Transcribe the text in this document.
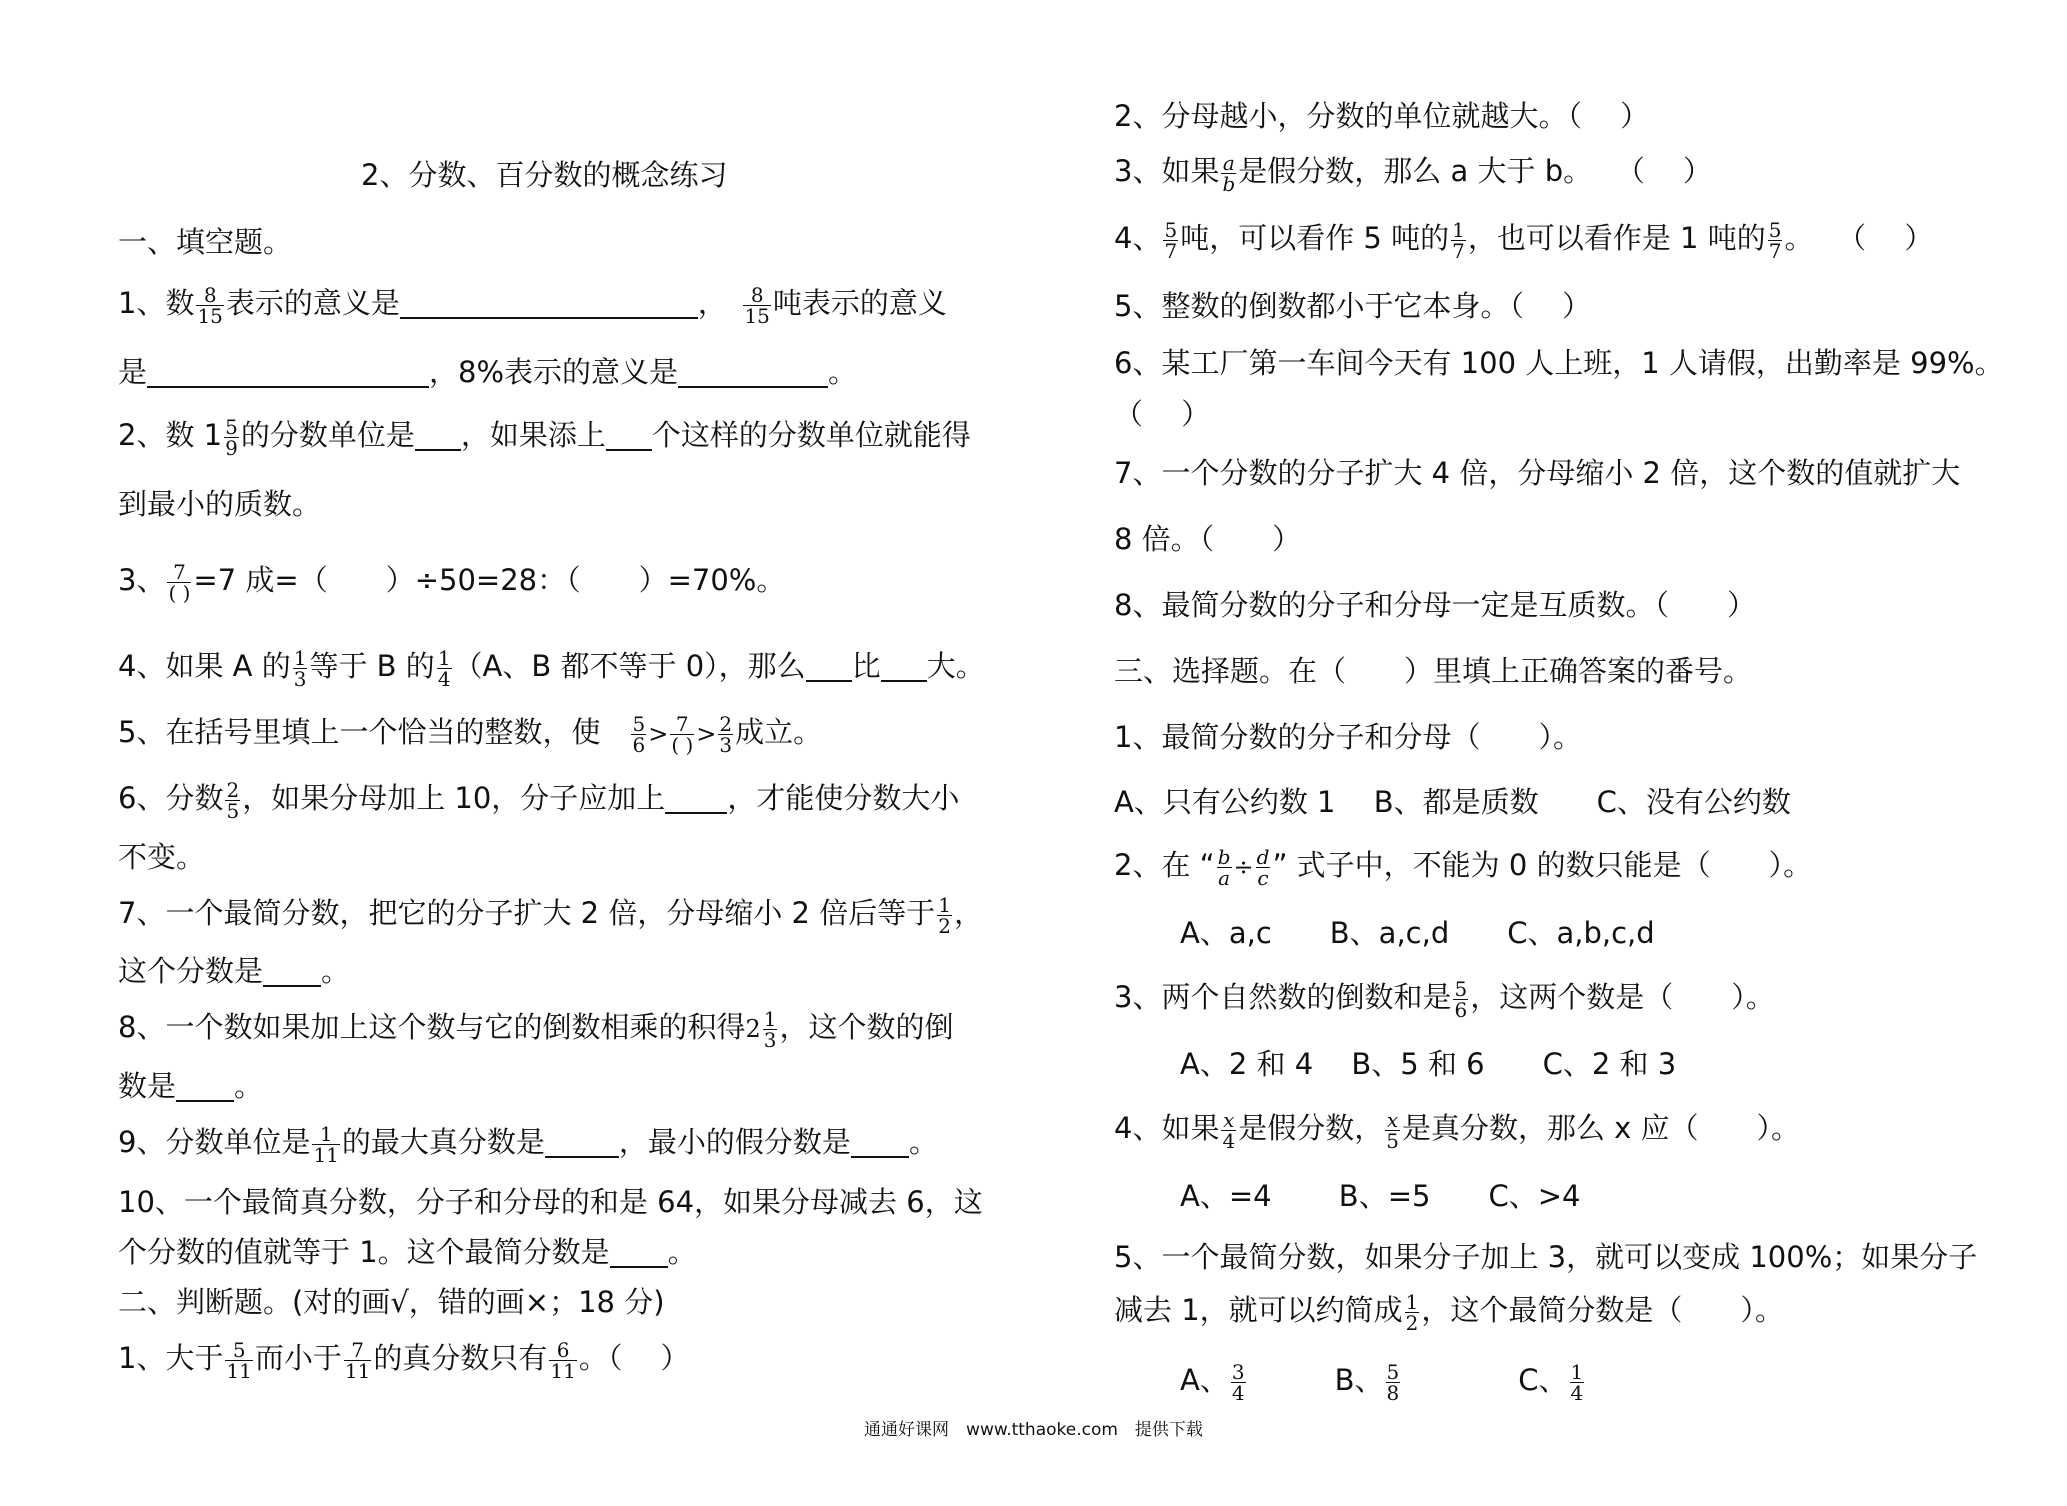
2、分数、百分数的概念练习
一、填空题。
1、数 $\frac{8}{15}$ 表示的意义是	，　 $\frac{8}{15}$ 吨表示的意义
是	，8%表示的意义是	。
2、数 $1 \frac{5}{9}$ 的分数单位是 ，如果添上 个这样的分数单位就能得
到最小的质数。
3、 $\frac{7}{( )} =7$ 成=（　　）÷50=28：（　　）=70%。
4、如果 A 的 $\frac{1}{3}$ 等于 B 的 $\frac{1}{4} (A$、B 都不等于 0），那么 比 大。
5、在括号里填上一个恰当的整数，使　 $\frac{5}{6} > \frac{7}{( )} > \frac{2}{3}$ 成立。
6、分数 $\frac{2}{5}$ ，如果分母加上 10，分子应加上 ，才能使分数大小
不变。
7、一个最简分数，把它的分子扩大 2 倍，分母缩小 2 倍后等于 $\frac{1}{2}$ ，
这个分数是 。
8、一个数如果加上这个数与它的倒数相乘的积得$2 \frac{1}{3}$ ，这个数的倒
数是 。
9、分数单位是 $\frac{1}{11}$ 的最大真分数是	，最小的假分数是 。
10、一个最简真分数，分子和分母的和是 64，如果分母减去 6，这
个分数的值就等于 1。这个最简分数是 。
二、判断题。(对的画√，错的画×；18 分)
1、大于 $\frac{5}{11}$ 而小于 $\frac{7}{11}$ 的真分数只有 $\frac{6}{11}$ 。（　 ）
2、分母越小，分数的单位就越大。（　 ）
3、如果 $\frac{a}{b}$ 是假分数，那么 a 大于 b。　 （　 ）
4、 $\frac{5}{7}$ 吨，可以看作 5 吨的 $\frac{1}{7}$ ，也可以看作是 1 吨的 $\frac{5}{7}$ 。　 （　 ）
5、整数的倒数都小于它本身。（　 ）
6、某工厂第一车间今天有 100 人上班，1 人请假，出勤率是 99%。
（　 ）
7、一个分数的分子扩大 4 倍，分母缩小 2 倍，这个数的值就扩大
8 倍。（　　）
8、最简分数的分子和分母一定是互质数。（　　）
三、选择题。在（　　）里填上正确答案的番号。
1、最简分数的分子和分母（　　）。
A、只有公约数 1　 B、都是质数　　C、没有公约数
2、在 “ $\frac{b}{a} \div \frac{d}{c}$ ” 式子中，不能为 0 的数只能是（　　）。
A、a,c　　B、a,c,d　　C、a,b,c,d
3、两个自然数的倒数和是 $\frac{5}{6}$ ，这两个数是（　　）。
A、2 和 4　 B、5 和 6　　C、2 和 3
4、如果 $\frac{x}{4}$ 是假分数， $\frac{x}{5}$ 是真分数，那么 x 应（　　）。
A、=4　　 B、=5　　C、>4
5、一个最简分数，如果分子加上 3，就可以变成 100%；如果分子
减去 1，就可以约简成 $\frac{1}{2}$ ，这个最简分数是（　　）。
A、 $\frac{3}{4}$
　　　	B、 $\frac{5}{8}$
　　　　	C、 $\frac{1}{4}$
通通好课网　www.tthaoke.com　提供下载
